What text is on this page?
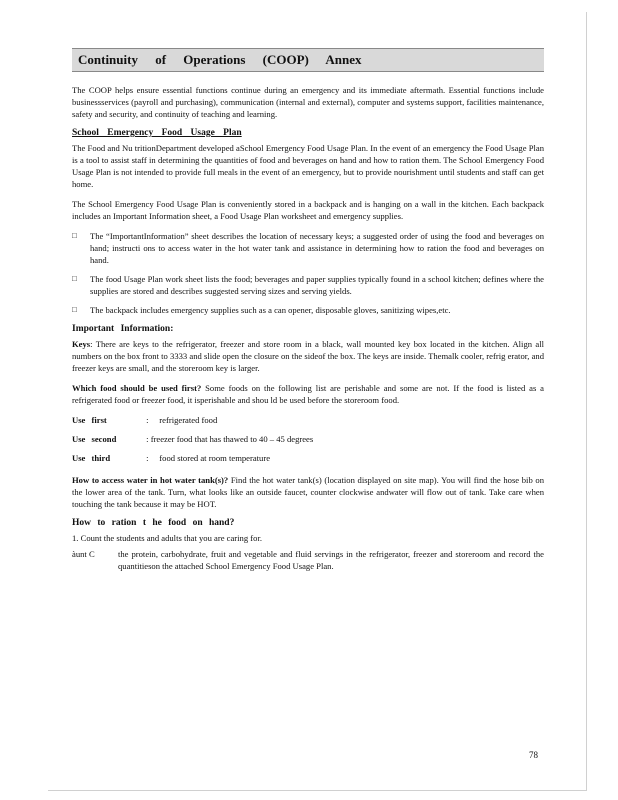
Continuity of Operations (COOP) Annex

The COOP helps ensure essential functions continue during an emergency and its immediate aftermath. Essential functions include businessservices (payroll and purchasing), communication (internal and external), computer and systems support, facilities maintenance, safety and security, and continuity of teaching and learning.

School Emergency Food Usage Plan

The Food and Nu tritionDepartment developed aSchool Emergency Food Usage Plan. In the event of an emergency the Food Usage Plan is a tool to assist staff in determining the quantities of food and beverages on hand and how to ration them. The School Emergency Food Usage Plan is not intended to provide full meals in the event of an emergency, but to provide nourishment until students and staff can get home.

The School Emergency Food Usage Plan is conveniently stored in a backpack and is hanging on a wall in the kitchen. Each backpack includes an Important Information sheet, a Food Usage Plan worksheet and emergency supplies.

□	The “ImportantInformation” sheet describes the location of necessary keys; a suggested order of using the food and beverages on hand; instructi ons to access water in the hot water tank and assistance in determining how to ration the food and beverages on hand.
□	The food Usage Plan work sheet lists the food; beverages and paper supplies typically found in a school kitchen; defines where the supplies are stored and describes suggested serving sizes and serving yields.
□	The backpack includes emergency supplies such as a can opener, disposable gloves, sanitizing wipes,etc.
Important Information:

Keys: There are keys to the refrigerator, freezer and store room in a black, wall mounted key box located in the kitchen. Align all numbers on the box front to 3333 and slide open the closure on the sideof the box. The keys are inside. Themalk cooler, refrig erator, and freezer keys are small, and the storeroom key is larger.

Which food should be used first? Some foods on the following list are perishable and some are not. If the food is listed as a refrigerated food or freezer food, it isperishable and shou ld be used before the storeroom food.

Use first	: refrigerated food
Use second	: freezer food that has thawed to 40 – 45 degrees
Use third	: food stored at room temperature

How to access water in hot water tank(s)? Find the hot water tank(s) (location displayed on site map). You will find the hose bib on the lower area of the tank. Turn, what looks like an outside faucet, counter clockwise andwater will flow out of tank. Take care when touching the tank because it may be HOT.

How to ration t he food on hand?
1. Count the students and adults that you are caring for.
àunt C	the protein, carbohydrate, fruit and vegetable and fluid servings in the refrigerator, freezer and storeroom and record the quantitieson the attached School Emergency Food Usage Plan.
78
